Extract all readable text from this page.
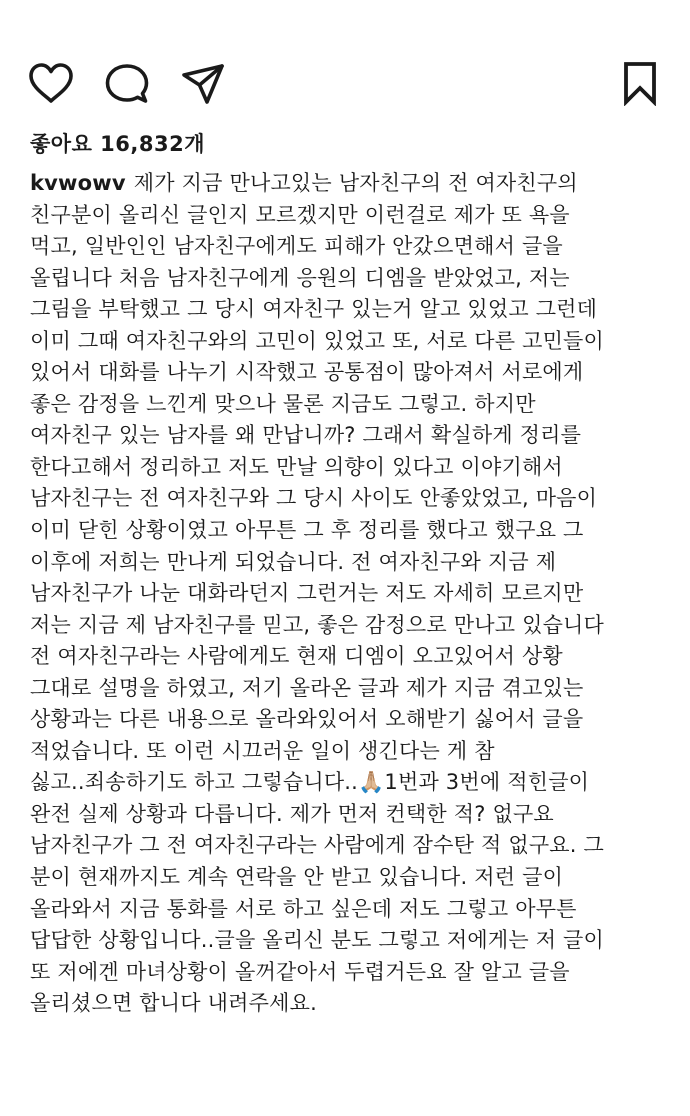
좋아요 16,832개
kvwowv 제가 지금 만나고있는 남자친구의 전 여자친구의
친구분이 올리신 글인지 모르겠지만 이런걸로 제가 또 욕을
먹고, 일반인인 남자친구에게도 피해가 안갔으면해서 글을
올립니다 처음 남자친구에게 응원의 디엠을 받았었고, 저는
그림을 부탁했고 그 당시 여자친구 있는거 알고 있었고 그런데
이미 그때 여자친구와의 고민이 있었고 또, 서로 다른 고민들이
있어서 대화를 나누기 시작했고 공통점이 많아져서 서로에게
좋은 감정을 느낀게 맞으나 물론 지금도 그렇고. 하지만
여자친구 있는 남자를 왜 만납니까? 그래서 확실하게 정리를
한다고해서 정리하고 저도 만날 의향이 있다고 이야기해서
남자친구는 전 여자친구와 그 당시 사이도 안좋았었고, 마음이
이미 닫힌 상황이였고 아무튼 그 후 정리를 했다고 했구요 그
이후에 저희는 만나게 되었습니다. 전 여자친구와 지금 제
남자친구가 나눈 대화라던지 그런거는 저도 자세히 모르지만
저는 지금 제 남자친구를 믿고, 좋은 감정으로 만나고 있습니다
전 여자친구라는 사람에게도 현재 디엠이 오고있어서 상황
그대로 설명을 하였고, 저기 올라온 글과 제가 지금 겪고있는
상황과는 다른 내용으로 올라와있어서 오해받기 싫어서 글을
적었습니다. 또 이런 시끄러운 일이 생긴다는 게 참
싫고..죄송하기도 하고 그렇습니다..🙏🏼1번과 3번에 적힌글이
완전 실제 상황과 다릅니다. 제가 먼저 컨택한 적? 없구요
남자친구가 그 전 여자친구라는 사람에게 잠수탄 적 없구요. 그
분이 현재까지도 계속 연락을 안 받고 있습니다. 저런 글이
올라와서 지금 통화를 서로 하고 싶은데 저도 그렇고 아무튼
답답한 상황입니다..글을 올리신 분도 그렇고 저에게는 저 글이
또 저에겐 마녀상황이 올꺼같아서 두렵거든요 잘 알고 글을
올리셨으면 합니다 내려주세요.
